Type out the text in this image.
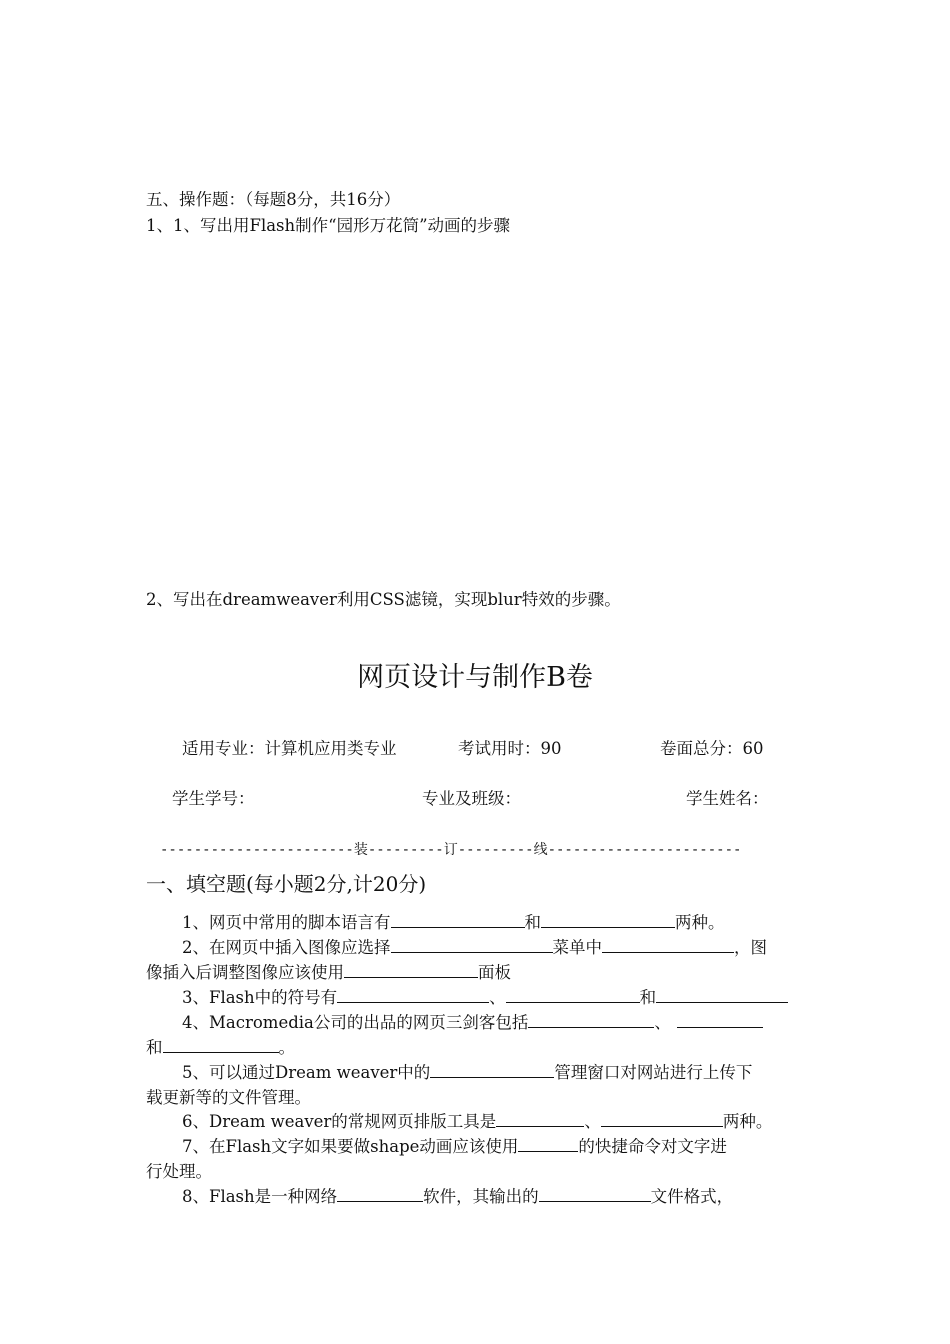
五、操作题：（每题8分，共16分）
1、1、写出用Flash制作“园形万花筒”动画的步骤
2、写出在dreamweaver利用CSS滤镜，实现blur特效的步骤。
网页设计与制作B卷
适用专业：计算机应用类专业	考试用时：90	卷面总分：60
学生学号：	专业及班级：	学生姓名：
-----------------------装---------订---------线-----------------------
一、填空题(每小题2分,计20分)
1、网页中常用的脚本语言有	和	两种。
2、在网页中插入图像应选择	菜单中	，图
像插入后调整图像应该使用	面板
3、Flash中的符号有	、	和
4、Macromedia公司的出品的网页三剑客包括	、
和	。
5、可以通过Dream weaver中的	管理窗口对网站进行上传下
载更新等的文件管理。
6、Dream weaver的常规网页排版工具是	、	两种。
7、在Flash文字如果要做shape动画应该使用	的快捷命令对文字进
行处理。
8、Flash是一种网络	软件，其输出的	文件格式，
